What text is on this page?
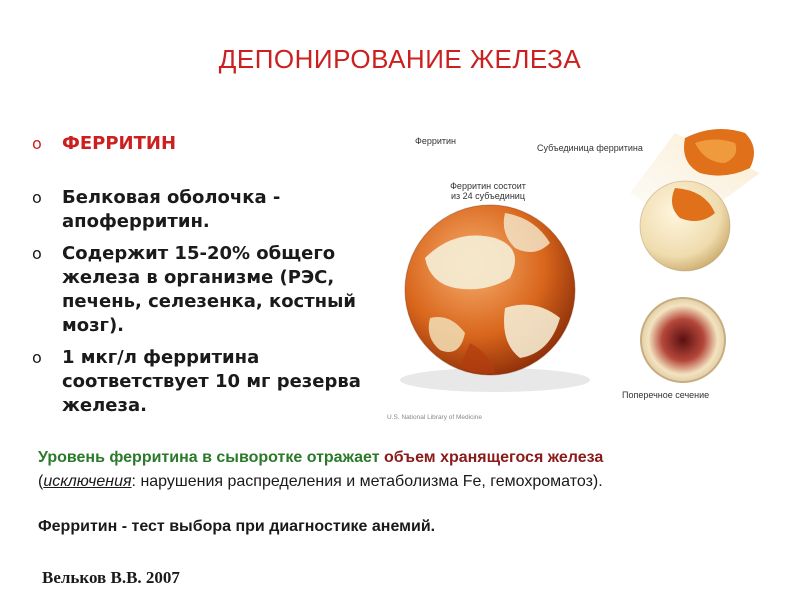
ДЕПОНИРОВАНИЕ ЖЕЛЕЗА
o ФЕРРИТИН
o Белковая оболочка - апоферритин.
o Содержит 15-20% общего железа в организме (РЭС, печень, селезенка, костный мозг).
o 1 мкг/л ферритина соответствует 10 мг резерва железа.
Ферритин
Субъединица ферритина
Ферритин состоит
из 24 субъединиц
Поперечное сечение
U.S. National Library of Medicine
Уровень ферритина в сыворотке отражает объем хранящегося железа
(исключения: нарушения распределения и метаболизма Fe, гемохроматоз).
Ферритин - тест выбора при диагностике анемий.
Вельков В.В. 2007
